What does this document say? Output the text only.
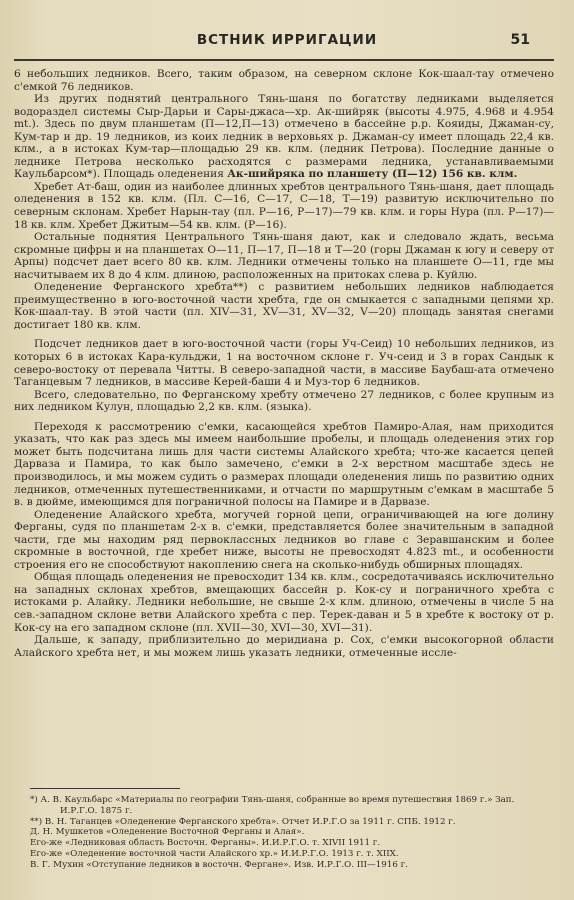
ВСТНИК ИРРИГАЦИИ	51

6 небольших ледников. Всего, таким образом, на северном склоне Кок-шаал-тау отмечено с'емкой 76 ледников.

Из других поднятий центрального Тянь-шаня по богатству ледниками выделяется водораздел системы Сыр-Дарьи и Сары-джаса—хр. Ак-шийряк (высоты 4.975, 4.968 и 4.954 mt.). Здесь по двум планшетам (П—12,П—13) отмечено в бассейне р.р. Кояиды, Джаман-су, Кум-тар и др. 19 ледников, из коих ледник в верховьях р. Джаман-су имеет площадь 22,4 кв. клм., а в истоках Кум-тар—площадью 29 кв. клм. (ледник Петрова). Последние данные о леднике Петрова несколько расходятся с размерами ледника, устанавливаемыми Каульбарсом*). Площадь оледенения Ак-шийряка по планшету (П—12) 156 кв. клм.

Хребет Ат-баш, один из наиболее длинных хребтов центрального Тянь-шаня, дает площадь оледенения в 152 кв. клм. (Пл. С—16, С—17, С—18, Т—19) развитую исключительно по северным склонам. Хребет Нарын-тау (пл. Р—16, Р—17)—79 кв. клм. и горы Нура (пл. Р—17)—18 кв. клм. Хребет Джитым—54 кв. клм. (Р—16).

Остальные поднятия Центрального Тянь-шаня дают, как и следовало ждать, весьма скромные цифры и на планшетах О—11, П—17, П—18 и Т—20 (горы Джаман к югу и северу от Арпы) подсчет дает всего 80 кв. клм. Ледники отмечены только на планшете О—11, где мы насчитываем их 8 до 4 клм. длиною, расположенных на притоках слева р. Куйлю.

Оледенение Ферганского хребта**) с развитием небольших ледников наблюдается преимущественно в юго-восточной части хребта, где он смыкается с западными цепями хр. Кок-шаал-тау. В этой части (пл. XIV—31, XV—31, XV—32, V—20) площадь занятая снегами достигает 180 кв. клм.

Подсчет ледников дает в юго-восточной части (горы Уч-Сеид) 10 небольших ледников, из которых 6 в истоках Кара-кульджи, 1 на восточном склоне г. Уч-сеид и 3 в горах Сандык к северо-востоку от перевала Читты. В северо-западной части, в массиве Баубаш-ата отмечено Таганцевым 7 ледников, в массиве Керей-баши 4 и Муз-тор 6 ледников.

Всего, следовательно, по Ферганскому хребту отмечено 27 ледников, с более крупным из них ледником Кулун, площадью 2,2 кв. клм. (языка).

Переходя к рассмотрению с'емки, касающейся хребтов Памиро-Алая, нам приходится указать, что как раз здесь мы имеем наибольшие пробелы, и площадь оледенения этих гор может быть подсчитана лишь для части системы Алайского хребта; что-же касается цепей Дарваза и Памира, то как было замечено, с'емки в 2-х верстном масштабе здесь не производилось, и мы можем судить о размерах площади оледенения лишь по развитию одних ледников, отмеченных путешественниками, и отчасти по маршрутным с'емкам в масштабе 5 в. в дюйме, имеющимся для пограничной полосы на Памире и в Дарвазе.

Оледенение Алайского хребта, могучей горной цепи, ограничивающей на юге долину Ферганы, судя по планшетам 2-х в. с'емки, представляется более значительным в западной части, где мы находим ряд первоклассных ледников во главе с Зеравшанским и более скромные в восточной, где хребет ниже, высоты не превосходят 4.823 mt., и особенности строения его не способствуют накоплению снега на сколько-нибудь обширных площадях.

Общая площадь оледенения не превосходит 134 кв. клм., сосредотачиваясь исключительно на западных склонах хребтов, вмещающих бассейн р. Кок-су и пограничного хребта с истоками р. Алайку. Ледники небольшие, не свыше 2-х клм. длиною, отмечены в числе 5 на сев.-западном склоне ветви Алайского хребта с пер. Терек-даван и 5 в хребте к востоку от р. Кок-су на его западном склоне (пл. XVII—30, XVI—30, XVI—31).

Дальше, к западу, приблизительно до меридиана р. Сох, с'емки высокогорной области Алайского хребта нет, и мы можем лишь указать ледники, отмеченные иссле-

*) А. В. Каульбарс «Материалы по географии Тянь-шаня, собранные во время путешествия 1869 г.» Зап. И.Р.Г.О. 1875 г.

**) В. Н. Таганцев «Оледенение Ферганского хребта». Отчет И.Р.Г.О за 1911 г. СПБ. 1912 г.

Д. Н. Мушкетов «Оледенение Восточной Ферганы и Алая».

Его-же «Ледниковая область Восточн. Ферганы». И.И.Р.Г.О. т. XIVII 1911 г.

Его-же «Оледенение восточной части Алайского хр.» И.И.Р.Г.О. 1913 г. т. XIIX.

В. Г. Мухин «Отступание ледников в восточн. Фергане». Изв. И.Р.Г.О. III—1916 г.
